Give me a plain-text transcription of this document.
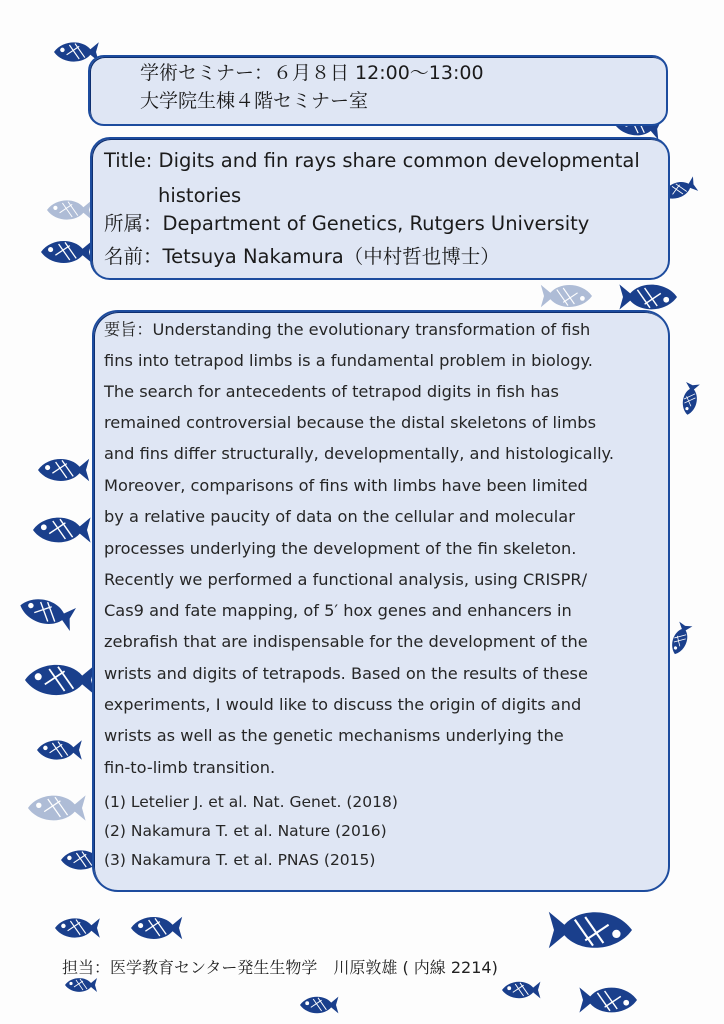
学術セミナー：６月８日 12:00〜13:00
大学院生棟４階セミナー室
Title: Digits and fin rays share common developmental
histories
所属：Department of Genetics, Rutgers University
名前：Tetsuya Nakamura（中村哲也博士）
要旨：Understanding the evolutionary transformation of fish
fins into tetrapod limbs is a fundamental problem in biology.
The search for antecedents of tetrapod digits in fish has
remained controversial because the distal skeletons of limbs
and fins differ structurally, developmentally, and histologically.
Moreover, comparisons of fins with limbs have been limited
by a relative paucity of data on the cellular and molecular
processes underlying the development of the fin skeleton.
Recently we performed a functional analysis, using CRISPR/
Cas9 and fate mapping, of 5′ hox genes and enhancers in
zebrafish that are indispensable for the development of the
wrists and digits of tetrapods. Based on the results of these
experiments, I would like to discuss the origin of digits and
wrists as well as the genetic mechanisms underlying the
fin-to-limb transition.
(1) Letelier J. et al. Nat. Genet. (2018)
(2) Nakamura T. et al. Nature (2016)
(3) Nakamura T. et al. PNAS (2015)
担当：医学教育センター発生生物学　川原敦雄 ( 内線 2214)
